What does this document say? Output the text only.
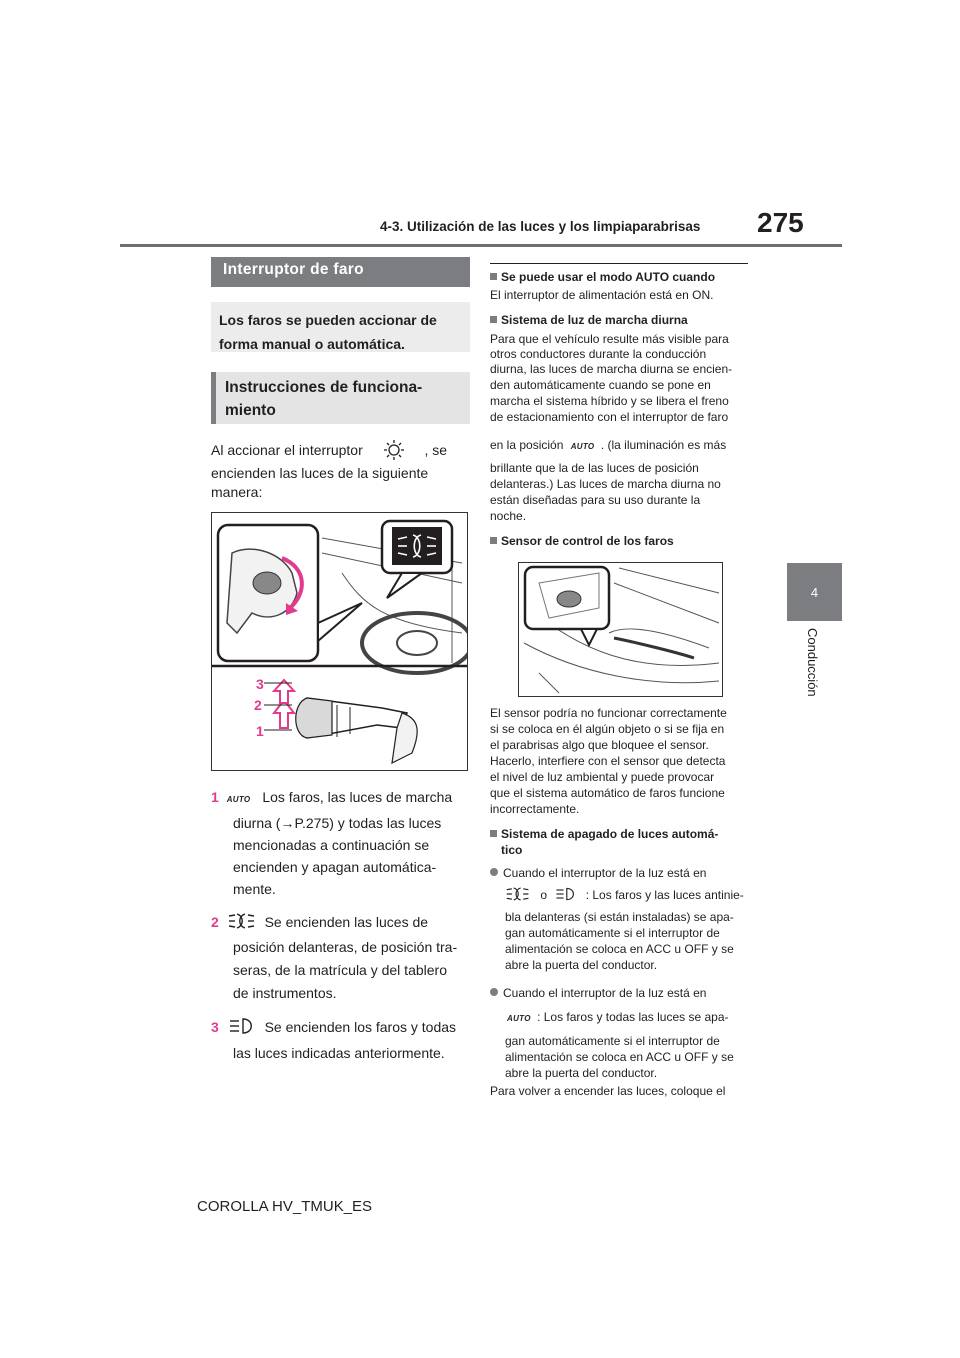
4-3. Utilización de las luces y los limpiaparabrisas 275
4
Conducción
Interruptor de faro
Los faros se pueden accionar de forma manual o automática.
Instrucciones de funciona-miento
Al accionar el interruptor	, se
encienden las luces de la siguiente
manera:
3
2
1
1 AUTO Los faros, las luces de marcha
diurna (→P.275) y todas las luces
mencionadas a continuación se
encienden y apagan automática-
mente.
2	Se encienden las luces de
posición delanteras, de posición tra-
seras, de la matrícula y del tablero
de instrumentos.
3	Se encienden los faros y todas
las luces indicadas anteriormente.
Se puede usar el modo AUTO cuando
El interruptor de alimentación está en ON.
Sistema de luz de marcha diurna
Para que el vehículo resulte más visible para
otros conductores durante la conducción
diurna, las luces de marcha diurna se encien-
den automáticamente cuando se pone en
marcha el sistema híbrido y se libera el freno
de estacionamiento con el interruptor de faro
en la posición AUTO . (la iluminación es más
brillante que la de las luces de posición
delanteras.) Las luces de marcha diurna no
están diseñadas para su uso durante la
noche.
Sensor de control de los faros
El sensor podría no funcionar correctamente
si se coloca en él algún objeto o si se fija en
el parabrisas algo que bloquee el sensor.
Hacerlo, interfiere con el sensor que detecta
el nivel de luz ambiental y puede provocar
que el sistema automático de faros funcione
incorrectamente.
Sistema de apagado de luces automá-
tico
Cuando el interruptor de la luz está en
o	: Los faros y las luces antinie-
bla delanteras (si están instaladas) se apa-
gan automáticamente si el interruptor de
alimentación se coloca en ACC u OFF y se
abre la puerta del conductor.
Cuando el interruptor de la luz está en
AUTO : Los faros y todas las luces se apa-
gan automáticamente si el interruptor de
alimentación se coloca en ACC u OFF y se
abre la puerta del conductor.
Para volver a encender las luces, coloque el
COROLLA HV_TMUK_ES
